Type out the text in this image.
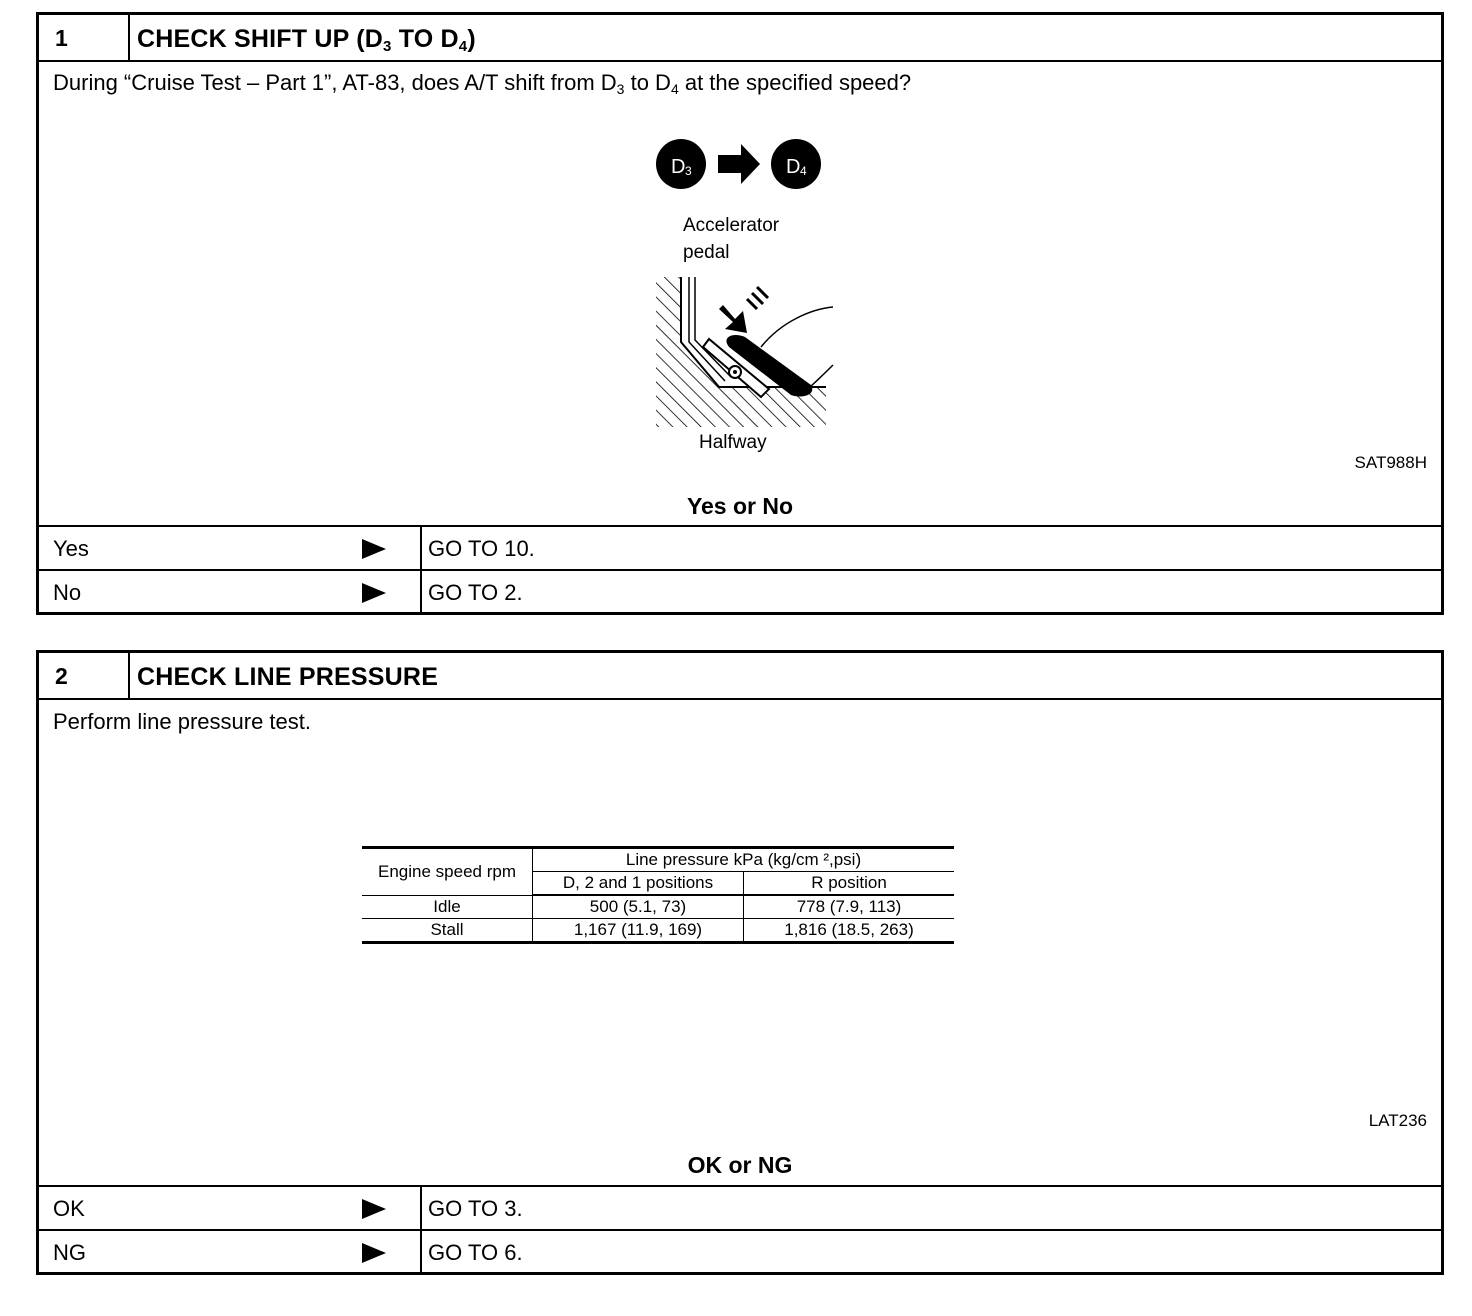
1	CHECK SHIFT UP ($D_3$ TO $D_4$)
During “Cruise Test – Part 1”, AT-83, does A/T shift from $D_3$ to $D_4$ at the specified speed?
D 3	D 4
Accelerator
pedal
Halfway
SAT988H
Yes or No
Yes	GO TO 10.
No	GO TO 2.
2	CHECK LINE PRESSURE
Perform line pressure test.
Engine speed rpm	Line pressure kPa (kg/cm ²,psi)	
	D, 2 and 1 positions	R position
Idle	500 (5.1, 73)	778 (7.9, 113)
Stall	1,167 (11.9, 169)	1,816 (18.5, 263)
LAT236
OK or NG
OK	GO TO 3.
NG	GO TO 6.
